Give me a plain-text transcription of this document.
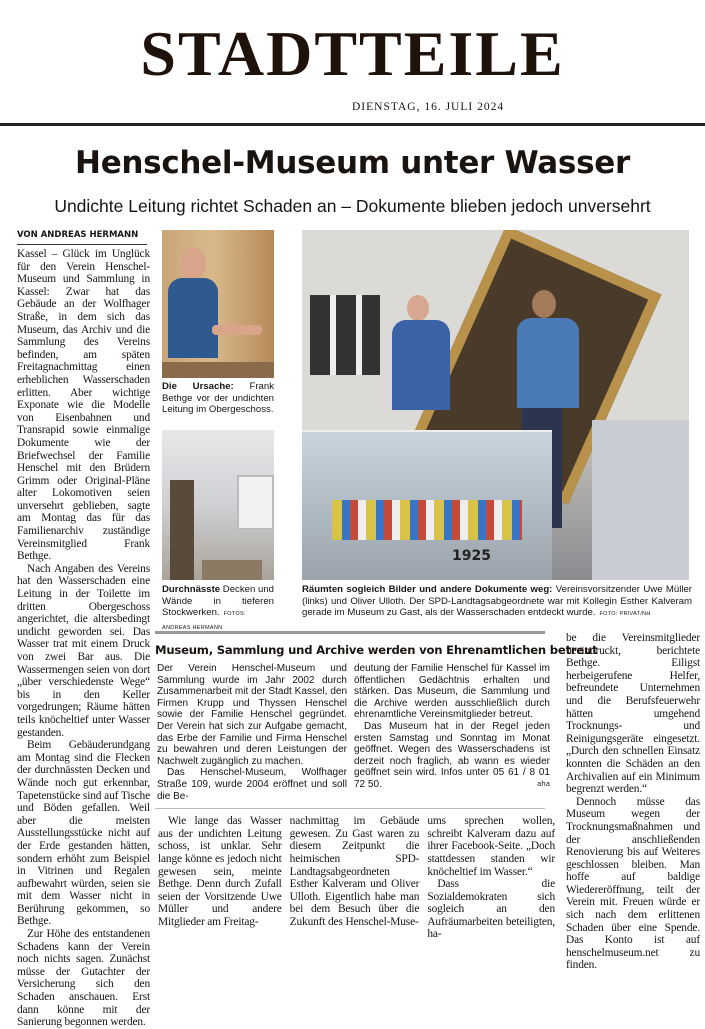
STADTTEILE
DIENSTAG, 16. JULI 2024
Henschel-Museum unter Wasser
Undichte Leitung richtet Schaden an – Dokumente blieben jedoch unversehrt
VON ANDREAS HERMANN

Kassel – Glück im Unglück für den Verein Henschel-Museum und Sammlung in Kassel: Zwar hat das Gebäude an der Wolfhager Straße, in dem sich das Museum, das Archiv und die Sammlung des Vereins befinden, am späten Freitagnachmittag einen erheblichen Wasserschaden erlitten. Aber wichtige Exponate wie die Modelle von Eisenbahnen und Transrapid sowie einmalige Dokumente wie der Briefwechsel der Familie Henschel mit den Brüdern Grimm oder Original-Pläne alter Lokomotiven seien unversehrt geblieben, sagte am Montag das für das Familienarchiv zuständige Vereinsmitglied Frank Bethge.

Nach Angaben des Vereins hat den Wasserschaden eine Leitung in der Toilette im dritten Obergeschoss angerichtet, die altersbedingt undicht geworden sei. Das Wasser trat mit einem Druck von zwei Bar aus. Die Wassermengen seien von dort „über verschiedenste Wege“ bis in den Keller vorgedrungen; Räume hätten teils knöcheltief unter Wasser gestanden.

Beim Gebäuderundgang am Montag sind die Flecken der durchnässten Decken und Wände noch gut erkennbar, Tapetenstücke sind auf Tische und Böden gefallen. Weil aber die meisten Ausstellungsstücke nicht auf der Erde gestanden hätten, sondern erhöht zum Beispiel in Vitrinen und Regalen aufbewahrt würden, seien sie mit dem Wasser nicht in Berührung gekommen, so Bethge.

Zur Höhe des entstandenen Schadens kann der Verein noch nichts sagen. Zunächst müsse der Gutachter der Versicherung sich den Schaden anschauen. Erst dann könne mit der Sanierung begonnen werden.

Die Ursache: Frank Bethge vor der undichten Leitung im Obergeschoss.
Durchnässte Decken und Wände in tieferen Stockwerken. FOTOS: ANDREAS HERMANN
1925
Räumten sogleich Bilder und andere Dokumente weg: Vereinsvorsitzender Uwe Müller (links) und Oliver Ulloth. Der SPD-Landtagsabgeordnete war mit Kollegin Esther Kalveram gerade im Museum zu Gast, als der Wasserschaden entdeckt wurde. FOTO: PRIVAT/NH
Museum, Sammlung und Archive werden von Ehrenamtlichen betreut

Der Verein Henschel-Museum und Sammlung wurde im Jahr 2002 durch Zusammenarbeit mit der Stadt Kassel, den Firmen Krupp und Thyssen Henschel sowie der Familie Henschel gegründet. Der Verein hat sich zur Aufgabe gemacht, das Erbe der Familie und Firma Henschel zu bewahren und deren Leistungen der Nachwelt zugänglich zu machen.

Das Henschel-Museum, Wolfhager Straße 109, wurde 2004 eröffnet und soll die Be-

deutung der Familie Henschel für Kassel im öffentlichen Gedächtnis erhalten und stärken. Das Museum, die Sammlung und die Archive werden ausschließlich durch ehrenamtliche Vereinsmitglieder betreut.

Das Museum hat in der Regel jeden ersten Samstag und Sonntag im Monat geöffnet. Wegen des Wasserschadens ist derzeit noch fraglich, ab wann es wieder geöffnet sein wird. Infos unter 05 61 / 8 01 72 50.	aha

Wie lange das Wasser aus der undichten Leitung schoss, ist unklar. Sehr lange könne es jedoch nicht gewesen sein, meinte Bethge. Denn durch Zufall seien der Vorsitzende Uwe Müller und andere Mitglieder am Freitag-

nachmittag im Gebäude gewesen. Zu Gast waren zu diesem Zeitpunkt die heimischen SPD-Landtagsabgeordneten Esther Kalveram und Oliver Ulloth. Eigentlich habe man bei dem Besuch über die Zukunft des Henschel-Muse-

ums sprechen wollen, schreibt Kalveram dazu auf ihrer Facebook-Seite. „Doch stattdessen standen wir knöcheltief im Wasser.“

Dass die Sozialdemokraten sich sogleich an den Aufräumarbeiten beteiligten, ha-

be die Vereinsmitglieder beeindruckt, berichtete Bethge. Eiligst herbeigerufene Helfer, befreundete Unternehmen und die Berufsfeuerwehr hätten umgehend Trocknungs- und Reinigungsgeräte eingesetzt. „Durch den schnellen Einsatz konnten die Schäden an den Archivalien auf ein Minimum begrenzt werden.“

Dennoch müsse das Museum wegen der Trocknungsmaßnahmen und der anschließenden Renovierung bis auf Weiteres geschlossen bleiben. Man hoffe auf baldige Wiedereröffnung, teilt der Verein mit. Freuen würde er sich nach dem erlittenen Schaden über eine Spende. Das Konto ist auf henschelmuseum.net zu finden.
